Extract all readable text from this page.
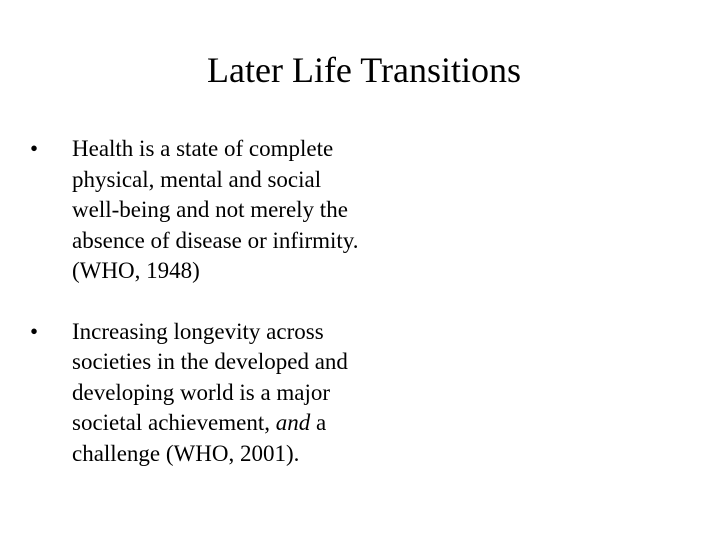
Later Life Transitions
• Health is a state of complete
physical, mental and social
well-being and not merely the
absence of disease or infirmity.
(WHO, 1948)
• Increasing longevity across
societies in the developed and
developing world is a major
societal achievement, and a
challenge (WHO, 2001).
